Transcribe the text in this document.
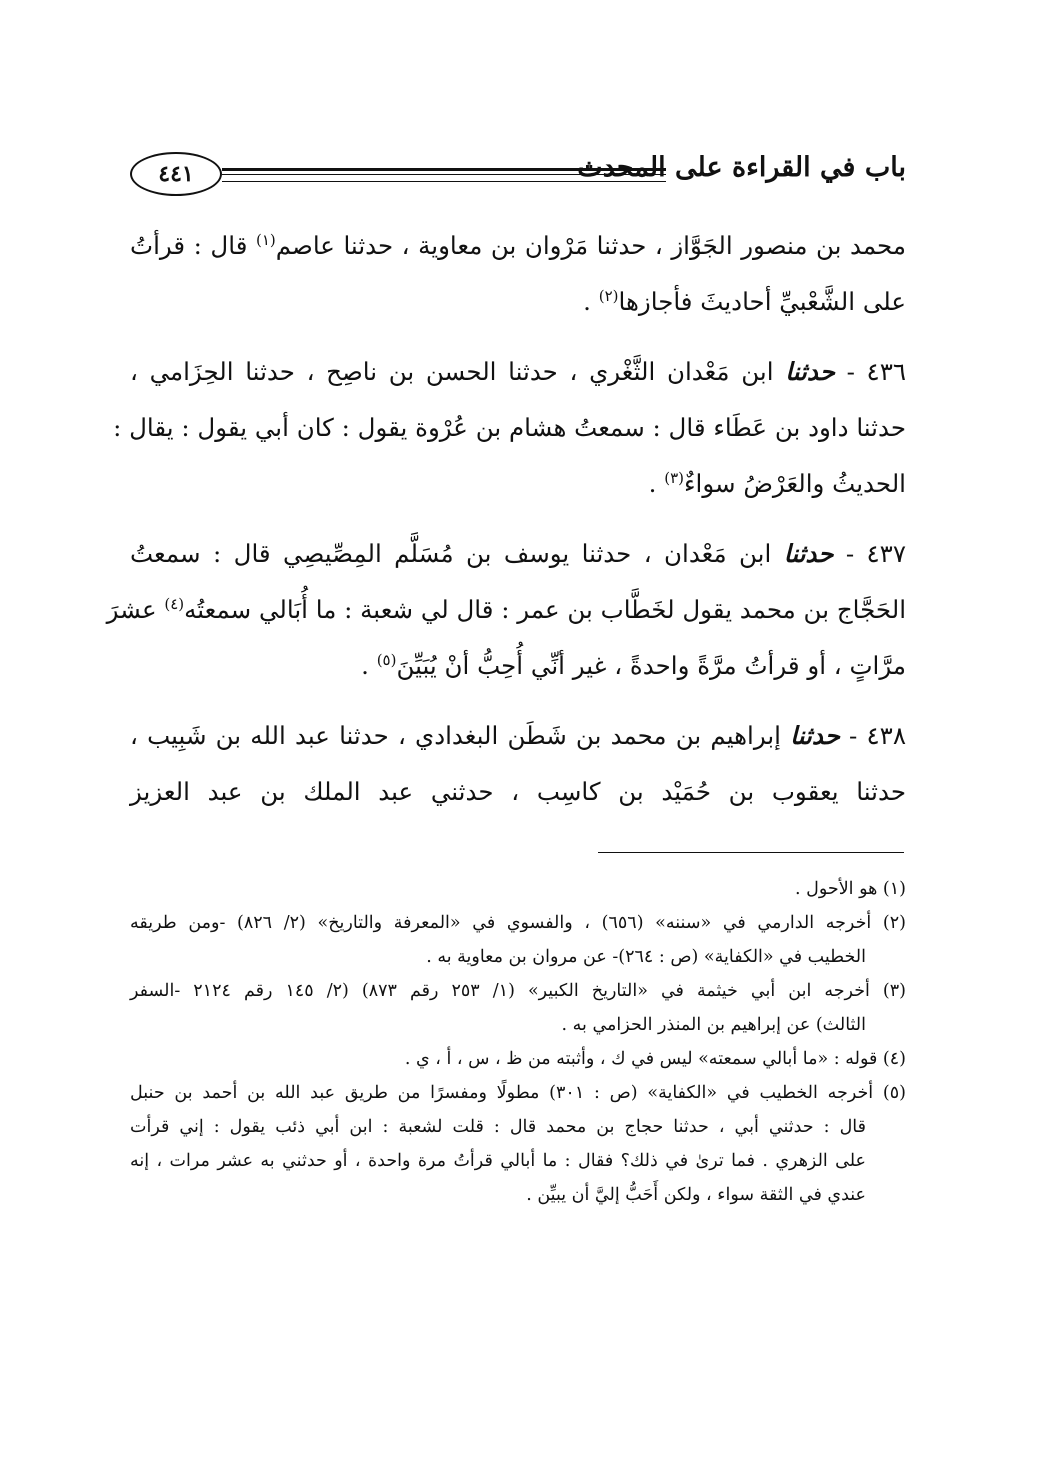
٤٤١	باب في القراءة على المحدث
محمد بن منصور الجَوَّاز ، حدثنا مَرْوان بن معاوية ، حدثنا عاصم$^{(١)}$ قال : قرأتُ
على الشَّعْبيِّ أحاديثَ فأجازها$^{(٢)}$ .
٤٣٦ - حدثنا ابن مَعْدان الثَّغْري ، حدثنا الحسن بن ناصِح ، حدثنا الحِزَامي ،
حدثنا داود بن عَطَاء قال : سمعتُ هشام بن عُرْوة يقول : كان أبي يقول : يقال :
الحديثُ والعَرْضُ سواءٌ$^{(٣)}$ .
٤٣٧ - حدثنا ابن مَعْدان ، حدثنا يوسف بن مُسَلَّم المِصِّيصِي قال : سمعتُ
الحَجَّاج بن محمد يقول لخَطَّاب بن عمر : قال لي شعبة : ما أُبَالي سمعتُه$^{(٤)}$ عشرَ
مرَّاتٍ ، أو قرأتُ مرَّةً واحدةً ، غير أنِّي أُحِبُّ أنْ يُبَيِّنَ$^{(٥)}$ .
٤٣٨ - حدثنا إبراهيم بن محمد بن شَطَن البغدادي ، حدثنا عبد الله بن شَبِيب ،
حدثنا يعقوب بن حُمَيْد بن كاسِب ، حدثني عبد الملك بن عبد العزيز
(١) هو الأحول .
(٢) أخرجه الدارمي في «سننه» (٦٥٦) ، والفسوي في «المعرفة والتاريخ» (٢/ ٨٢٦) -ومن طريقه
الخطيب في «الكفاية» (ص : ٢٦٤)- عن مروان بن معاوية به .
(٣) أخرجه ابن أبي خيثمة في «التاريخ الكبير» (١/ ٢٥٣ رقم ٨٧٣) (٢/ ١٤٥ رقم ٢١٢٤ -السفر
الثالث) عن إبراهيم بن المنذر الحزامي به .
(٤) قوله : «ما أبالي سمعته» ليس في ك ، وأثبته من ظ ، س ، أ ، ي .
(٥) أخرجه الخطيب في «الكفاية» (ص : ٣٠١) مطولًا ومفسرًا من طريق عبد الله بن أحمد بن حنبل
قال : حدثني أبي ، حدثنا حجاج بن محمد قال : قلت لشعبة : ابن أبي ذئب يقول : إني قرأت
على الزهري . فما ترىٰ في ذلك؟ فقال : ما أبالي قرأتُ مرة واحدة ، أو حدثني به عشر مرات ، إنه
عندي في الثقة سواء ، ولكن أَحَبُّ إليَّ أن يبيِّن .
